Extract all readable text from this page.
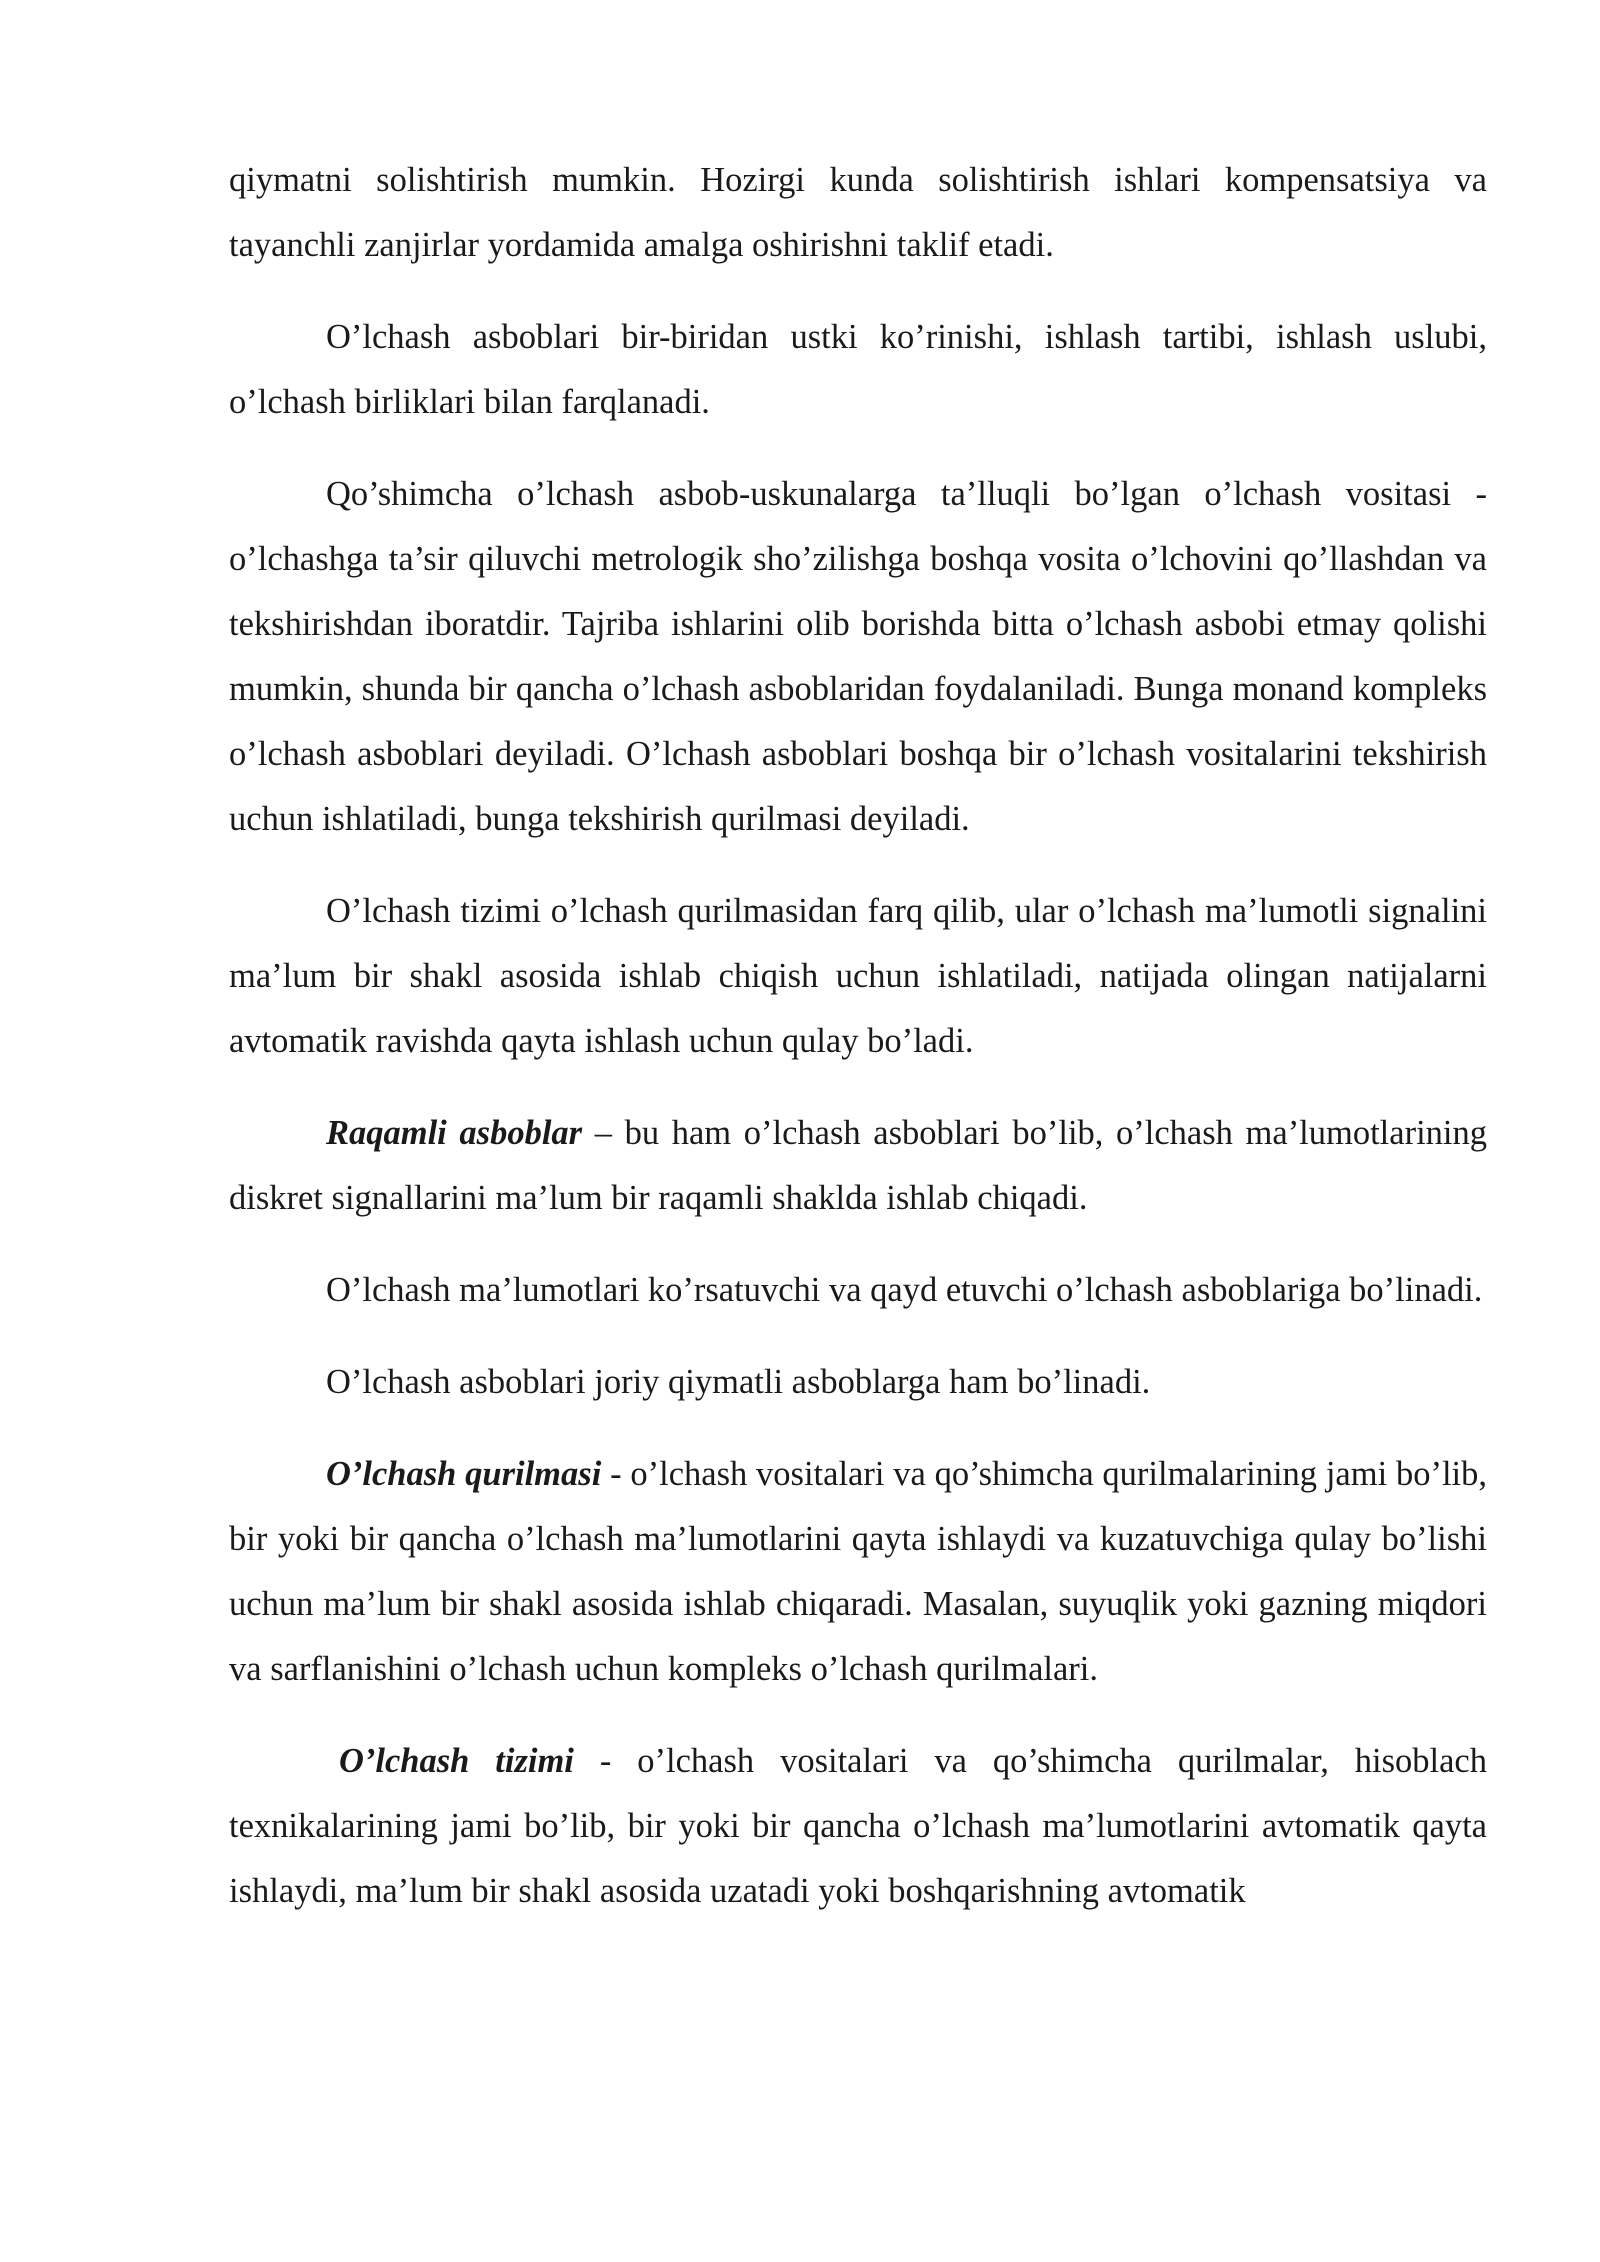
qiymatni solishtirish mumkin. Hozirgi kunda solishtirish ishlari kompensatsiya va tayanchli zanjirlar yordamida amalga oshirishni taklif etadi.

O’lchash asboblari bir-biridan ustki ko’rinishi, ishlash tartibi, ishlash uslubi, o’lchash birliklari bilan farqlanadi.

Qo’shimcha o’lchash asbob-uskunalarga ta’lluqli bo’lgan o’lchash vositasi - o’lchashga ta’sir qiluvchi metrologik sho’zilishga boshqa vosita o’lchovini qo’llashdan va tekshirishdan iboratdir. Tajriba ishlarini olib borishda bitta o’lchash asbobi etmay qolishi mumkin, shunda bir qancha o’lchash asboblaridan foydalaniladi. Bunga monand kompleks o’lchash asboblari deyiladi. O’lchash asboblari boshqa bir o’lchash vositalarini tekshirish uchun ishlatiladi, bunga tekshirish qurilmasi deyiladi.

O’lchash tizimi o’lchash qurilmasidan farq qilib, ular o’lchash ma’lumotli signalini ma’lum bir shakl asosida ishlab chiqish uchun ishlatiladi, natijada olingan natijalarni avtomatik ravishda qayta ishlash uchun qulay bo’ladi.

Raqamli asboblar – bu ham o’lchash asboblari bo’lib, o’lchash ma’lumotlarining diskret signallarini ma’lum bir raqamli shaklda ishlab chiqadi.

O’lchash ma’lumotlari ko’rsatuvchi va qayd etuvchi o’lchash asboblariga bo’linadi.

O’lchash asboblari joriy qiymatli asboblarga ham bo’linadi.

O’lchash qurilmasi - o’lchash vositalari va qo’shimcha qurilmalarining jami bo’lib, bir yoki bir qancha o’lchash ma’lumotlarini qayta ishlaydi va kuzatuvchiga qulay bo’lishi uchun ma’lum bir shakl asosida ishlab chiqaradi. Masalan, suyuqlik yoki gazning miqdori va sarflanishini o’lchash uchun kompleks o’lchash qurilmalari.

O’lchash tizimi - o’lchash vositalari va qo’shimcha qurilmalar, hisoblach texnikalarining jami bo’lib, bir yoki bir qancha o’lchash ma’lumotlarini avtomatik qayta ishlaydi, ma’lum bir shakl asosida uzatadi yoki boshqarishning avtomatik
